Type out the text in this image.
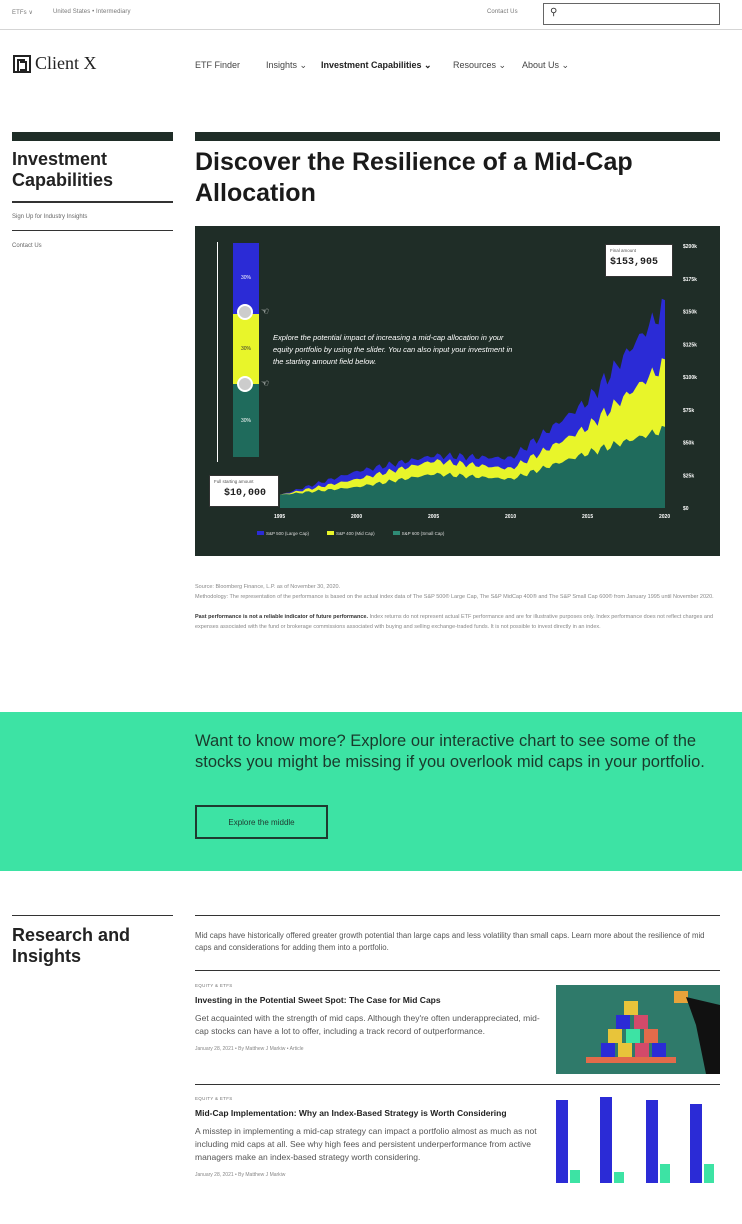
ETFs ∨	United States • Intermediary	Contact Us	⚲
Client X	ETF Finder	Insights ⌄ Investment Capabilities ⌄ Resources ⌄ About Us ⌄
Investment Capabilities
Sign Up for Industry Insights
Contact Us
Discover the Resilience of a Mid-Cap Allocation
$200k
$175k
$150k
$125k
$100k
$75k
$50k
$25k
$0
1995	2000	2005	2010	2015	2020
30%
30%
30%
☜
☜
Explore the potential impact of increasing a mid-cap allocation in your equity portfolio by using the slider. You can also input your investment in the starting amount field below.
Final amount
$153,905
Full starting amount
$10,000
S&P 500 (Large Cap)	S&P 400 (Mid Cap)	S&P 600 (Small Cap)
Source: Bloomberg Finance, L.P. as of November 30, 2020.
Methodology: The representation of the performance is based on the actual index data of The S&P 500® Large Cap, The S&P MidCap 400® and The S&P Small Cap 600® from January 1995 until November 2020.
Past performance is not a reliable indicator of future performance. Index returns do not represent actual ETF performance and are for illustrative purposes only. Index performance does not reflect charges and expenses associated with the fund or brokerage commissions associated with buying and selling exchange-traded funds. It is not possible to invest directly in an index.
Want to know more? Explore our interactive chart to see some of the stocks you might be missing if you overlook mid caps in your portfolio.
Explore the middle
Research and Insights
Mid caps have historically offered greater growth potential than large caps and less volatility than small caps. Learn more about the resilience of mid caps and considerations for adding them into a portfolio.
EQUITY & ETFS
Investing in the Potential Sweet Spot: The Case for Mid Caps
Get acquainted with the strength of mid caps. Although they're often underappreciated, mid-cap stocks can have a lot to offer, including a track record of outperformance.
January 28, 2021 • By Matthew J Markiw • Article
EQUITY & ETFS
Mid-Cap Implementation: Why an Index-Based Strategy is Worth Considering
A misstep in implementing a mid-cap strategy can impact a portfolio almost as much as not including mid caps at all. See why high fees and persistent underperformance from active managers make an index-based strategy worth considering.
January 28, 2021 • By Matthew J Markiw
